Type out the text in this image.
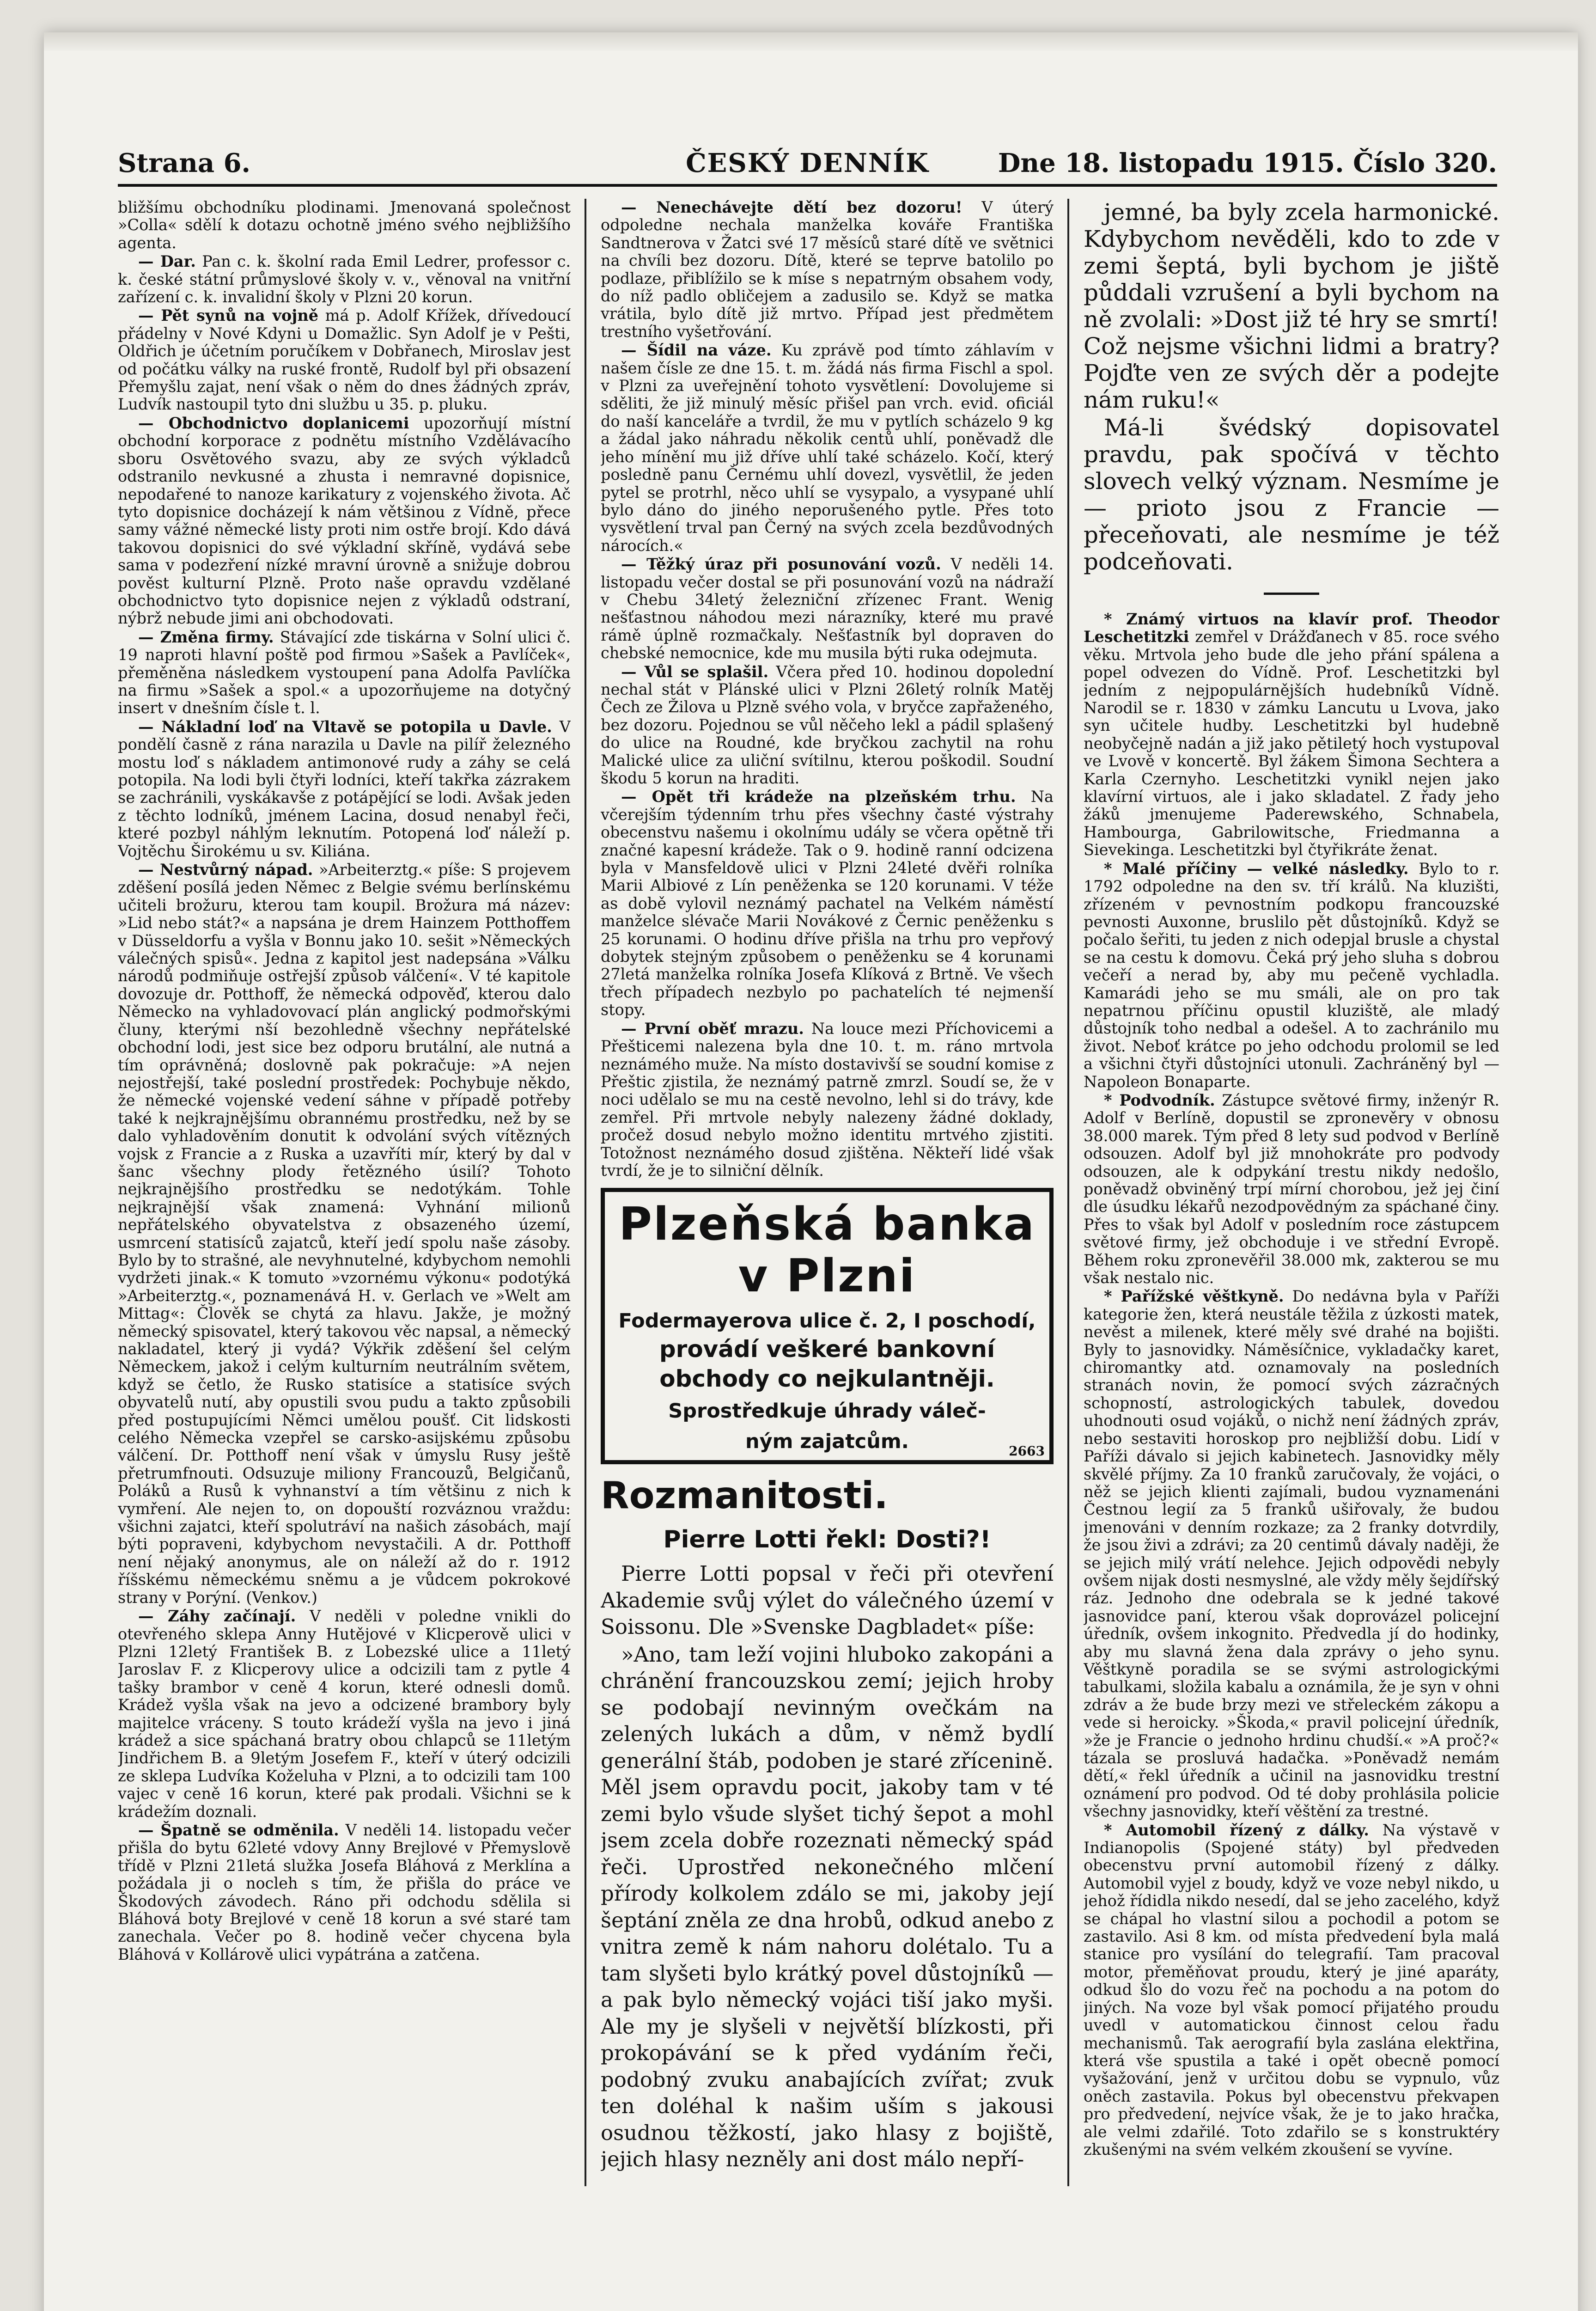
Strana 6.	ČESKÝ DENNÍK	Dne 18. listopadu 1915. Číslo 320.

bližšímu obchodníku plodinami. Jmenovaná společnost »Colla« sdělí k dotazu ochotně jméno svého nejbližšího agenta.

— Dar. Pan c. k. školní rada Emil Ledrer, professor c. k. české státní průmyslové školy v. v., věnoval na vnitřní zařízení c. k. invalidní školy v Plzni 20 korun.

— Pět synů na vojně má p. Adolf Křížek, dřívedoucí přádelny v Nové Kdyni u Domažlic. Syn Adolf je v Pešti, Oldřich je účetním poručíkem v Dobřanech, Miroslav jest od počátku války na ruské frontě, Rudolf byl při obsazení Přemyšlu zajat, není však o něm do dnes žádných zpráv, Ludvík nastoupil tyto dni službu u 35. p. pluku.

— Obchodnictvo doplanicemi upozorňují místní obchodní korporace z podnětu místního Vzdělávacího sboru Osvětového svazu, aby ze svých výkladců odstranilo nevkusné a zhusta i nemravné dopisnice, nepodařené to nanoze karikatury z vojenského života. Ač tyto dopisnice docházejí k nám většinou z Vídně, přece samy vážné německé listy proti nim ostře brojí. Kdo dává takovou dopisnici do své výkladní skříně, vydává sebe sama v podezření nízké mravní úrovně a snižuje dobrou pověst kulturní Plzně. Proto naše opravdu vzdělané obchodnictvo tyto dopisnice nejen z výkladů odstraní, nýbrž nebude jimi ani obchodovati.

— Změna firmy. Stávající zde tiskárna v Solní ulici č. 19 naproti hlavní poště pod firmou »Sašek a Pavlíček«, přeměněna následkem vystoupení pana Adolfa Pavlíčka na firmu »Sašek a spol.« a upozorňujeme na dotyčný insert v dnešním čísle t. l.

— Nákladní loď na Vltavě se potopila u Davle. V pondělí časně z rána narazila u Davle na pilíř železného mostu loď s nákladem antimonové rudy a záhy se celá potopila. Na lodi byli čtyři lodníci, kteří takřka zázrakem se zachránili, vyskákavše z potápějící se lodi. Avšak jeden z těchto lodníků, jménem Lacina, dosud nenabyl řeči, které pozbyl náhlým leknutím. Potopená loď náleží p. Vojtěchu Širokému u sv. Kiliána.

— Nestvůrný nápad. »Arbeiterztg.« píše: S projevem zděšení posílá jeden Němec z Belgie svému berlínskému učiteli brožuru, kterou tam koupil. Brožura má název: »Lid nebo stát?« a napsána je drem Hainzem Potthoffem v Düsseldorfu a vyšla v Bonnu jako 10. sešit »Německých válečných spisů«. Jedna z kapitol jest nadepsána »Válku národů podmiňuje ostřejší způsob válčení«. V té kapitole dovozuje dr. Potthoff, že německá odpověď, kterou dalo Německo na vyhladovovací plán anglický podmořskými čluny, kterými nší bezohledně všechny nepřátelské obchodní lodi, jest sice bez odporu brutální, ale nutná a tím oprávněná; doslovně pak pokračuje: »A nejen nejostřejší, také poslední prostředek: Pochybuje někdo, že německé vojenské vedení sáhne v případě potřeby také k nejkrajnějšímu obrannému prostředku, než by se dalo vyhladověním donutit k odvolání svých vítězných vojsk z Francie a z Ruska a uzavříti mír, který by dal v šanc všechny plody řetězného úsilí? Tohoto nejkrajnějšího prostředku se nedotýkám. Tohle nejkrajnější však znamená: Vyhnání milionů nepřátelského obyvatelstva z obsazeného území, usmrcení statisíců zajatců, kteří jedí spolu naše zásoby. Bylo by to strašné, ale nevyhnutelné, kdybychom nemohli vydržeti jinak.« K tomuto »vzornému výkonu« podotýká »Arbeiterztg.«, poznamenává H. v. Gerlach ve »Welt am Mittag«: Člověk se chytá za hlavu. Jakže, je možný německý spisovatel, který takovou věc napsal, a německý nakladatel, který ji vydá? Výkřik zděšení šel celým Německem, jakož i celým kulturním neutrálním světem, když se četlo, že Rusko statisíce a statisíce svých obyvatelů nutí, aby opustili svou pudu a takto způsobili před postupujícími Němci umělou poušť. Cit lidskosti celého Německa vzepřel se carsko-asijskému způsobu válčení. Dr. Potthoff není však v úmyslu Rusy ještě přetrumfnouti. Odsuzuje miliony Francouzů, Belgičanů, Poláků a Rusů k vyhnanství a tím většinu z nich k vymření. Ale nejen to, on dopouští rozváznou vraždu: všichni zajatci, kteří spolutráví na našich zásobách, mají býti popraveni, kdybychom nevystačili. A dr. Potthoff není nějaký anonymus, ale on náleží až do r. 1912 říšskému německému sněmu a je vůdcem pokrokové strany v Porýní. (Venkov.)

— Záhy začínají. V neděli v poledne vnikli do otevřeného sklepa Anny Hutějové v Klicperově ulici v Plzni 12letý František B. z Lobezské ulice a 11letý Jaroslav F. z Klicperovy ulice a odcizili tam z pytle 4 tašky brambor v ceně 4 korun, které odnesli domů. Krádež vyšla však na jevo a odcizené brambory byly majitelce vráceny. S touto krádeží vyšla na jevo i jiná krádež a sice spáchaná bratry obou chlapců se 11letým Jindřichem B. a 9letým Josefem F., kteří v úterý odcizili ze sklepa Ludvíka Koželuha v Plzni, a to odcizili tam 100 vajec v ceně 16 korun, které pak prodali. Všichni se k krádežím doznali.

— Špatně se odměnila. V neděli 14. listopadu večer přišla do bytu 62leté vdovy Anny Brejlové v Přemyslově třídě v Plzni 21letá služka Josefa Bláhová z Merklína a požádala ji o nocleh s tím, že přišla do práce ve Škodových závodech. Ráno při odchodu sdělila si Bláhová boty Brejlové v ceně 18 korun a své staré tam zanechala. Večer po 8. hodině večer chycena byla Bláhová v Kollárově ulici vypátrána a zatčena.

— Nenechávejte dětí bez dozoru! V úterý odpoledne nechala manželka kováře Františka Sandtnerova v Žatci své 17 měsíců staré dítě ve světnici na chvíli bez dozoru. Dítě, které se teprve batolilo po podlaze, přiblížilo se k míse s nepatrným obsahem vody, do níž padlo obličejem a zadusilo se. Když se matka vrátila, bylo dítě již mrtvo. Případ jest předmětem trestního vyšetřování.

— Šídil na váze. Ku zprávě pod tímto záhlavím v našem čísle ze dne 15. t. m. žádá nás firma Fischl a spol. v Plzni za uveřejnění tohoto vysvětlení: Dovolujeme si sděliti, že již minulý měsíc přišel pan vrch. evid. oficiál do naší kanceláře a tvrdil, že mu v pytlích scházelo 9 kg a žádal jako náhradu několik centů uhlí, poněvadž dle jeho mínění mu již dříve uhlí také scházelo. Kočí, který posledně panu Černému uhlí dovezl, vysvětlil, že jeden pytel se protrhl, něco uhlí se vysypalo, a vysypané uhlí bylo dáno do jiného neporušeného pytle. Přes toto vysvětlení trval pan Černý na svých zcela bezdůvodných nárocích.«

— Těžký úraz při posunování vozů. V neděli 14. listopadu večer dostal se při posunování vozů na nádraží v Chebu 34letý železniční zřízenec Frant. Wenig nešťastnou náhodou mezi nárazníky, které mu pravé rámě úplně rozmačkaly. Nešťastník byl dopraven do chebské nemocnice, kde mu musila býti ruka odejmuta.

— Vůl se splašil. Včera před 10. hodinou dopolední nechal stát v Plánské ulici v Plzni 26letý rolník Matěj Čech ze Žilova u Plzně svého vola, v bryčce zapřaženého, bez dozoru. Pojednou se vůl něčeho lekl a pádil splašený do ulice na Roudné, kde bryčkou zachytil na rohu Malické ulice za uliční svítilnu, kterou poškodil. Soudní škodu 5 korun na hraditi.

— Opět tři krádeže na plzeňském trhu. Na včerejším týdenním trhu přes všechny časté výstrahy obecenstvu našemu i okolnímu udály se včera opětně tři značné kapesní krádeže. Tak o 9. hodině ranní odcizena byla v Mansfeldově ulici v Plzni 24leté dvěři rolníka Marii Albiové z Lín peněženka se 120 korunami. V téže as době vylovil neznámý pachatel na Velkém náměstí manželce slévače Marii Novákové z Černic peněženku s 25 korunami. O hodinu dříve přišla na trhu pro vepřový dobytek stejným způsobem o peněženku se 4 korunami 27letá manželka rolníka Josefa Klíková z Brtně. Ve všech třech případech nezbylo po pachatelích té nejmenší stopy.

— První oběť mrazu. Na louce mezi Příchovicemi a Přešticemi nalezena byla dne 10. t. m. ráno mrtvola neznámého muže. Na místo dostavivší se soudní komise z Přeštic zjistila, že neznámý patrně zmrzl. Soudí se, že v noci udělalo se mu na cestě nevolno, lehl si do trávy, kde zemřel. Při mrtvole nebyly nalezeny žádné doklady, pročež dosud nebylo možno identitu mrtvého zjistiti. Totožnost neznámého dosud zjištěna. Někteří lidé však tvrdí, že je to silniční dělník.

Plzeňská banka
v Plzni
Fodermayerova ulice č. 2, I poschodí,
provádí veškeré bankovní
obchody co nejkulantněji.
Sprostředkuje úhrady váleč-
ným zajatcům.	2663
Rozmanitosti.
Pierre Lotti řekl: Dosti?!

Pierre Lotti popsal v řeči při otevření Akademie svůj výlet do válečného území v Soissonu. Dle »Svenske Dagbladet« píše:

»Ano, tam leží vojini hluboko zakopáni a chránění francouzskou zemí; jejich hroby se podobají nevinným ovečkám na zelených lukách a dům, v němž bydlí generální štáb, podoben je staré zřícenině. Měl jsem opravdu pocit, jakoby tam v té zemi bylo všude slyšet tichý šepot a mohl jsem zcela dobře rozeznati německý spád řeči. Uprostřed nekonečného mlčení přírody kolkolem zdálo se mi, jakoby její šeptání zněla ze dna hrobů, odkud anebo z vnitra země k nám nahoru dolétalo. Tu a tam slyšeti bylo krátký povel důstojníků — a pak bylo německý vojáci tiší jako myši. Ale my je slyšeli v největší blízkosti, při prokopávání se k před vydáním řeči, podobný zvuku anabajících zvířat; zvuk ten doléhal k našim uším s jakousi osudnou těžkostí, jako hlasy z bojiště, jejich hlasy nezněly ani dost málo nepří-

jemné, ba byly zcela harmonické. Kdybychom nevěděli, kdo to zde v zemi šeptá, byli bychom je jiště půddali vzrušení a byli bychom na ně zvolali: »Dost již té hry se smrtí! Což nejsme všichni lidmi a bratry? Pojďte ven ze svých děr a podejte nám ruku!«

Má-li švédský dopisovatel pravdu, pak spočívá v těchto slovech velký význam. Nesmíme je — prioto jsou z Francie — přeceňovati, ale nesmíme je též podceňovati.

* Známý virtuos na klavír prof. Theodor Leschetitzki zemřel v Drážďanech v 85. roce svého věku. Mrtvola jeho bude dle jeho přání spálena a popel odvezen do Vídně. Prof. Leschetitzki byl jedním z nejpopulárnějších hudebníků Vídně. Narodil se r. 1830 v zámku Lancutu u Lvova, jako syn učitele hudby. Leschetitzki byl hudebně neobyčejně nadán a již jako pětiletý hoch vystupoval ve Lvově v koncertě. Byl žákem Šimona Sechtera a Karla Czernyho. Leschetitzki vynikl nejen jako klavírní virtuos, ale i jako skladatel. Z řady jeho žáků jmenujeme Paderewského, Schnabela, Hambourga, Gabrilowitsche, Friedmanna a Sievekinga. Leschetitzki byl čtyřikráte ženat.

* Malé příčiny — velké následky. Bylo to r. 1792 odpoledne na den sv. tří králů. Na kluzišti, zřízeném v pevnostním podkopu francouzské pevnosti Auxonne, bruslilo pět důstojníků. Když se počalo šeřiti, tu jeden z nich odepjal brusle a chystal se na cestu k domovu. Čeká prý jeho sluha s dobrou večeří a nerad by, aby mu pečeně vychladla. Kamarádi jeho se mu smáli, ale on pro tak nepatrnou příčinu opustil kluziště, ale mladý důstojník toho nedbal a odešel. A to zachránilo mu život. Neboť krátce po jeho odchodu prolomil se led a všichni čtyři důstojníci utonuli. Zachráněný byl — Napoleon Bonaparte.

* Podvodník. Zástupce světové firmy, inženýr R. Adolf v Berlíně, dopustil se zpronevěry v obnosu 38.000 marek. Tým před 8 lety sud podvod v Berlíně odsouzen. Adolf byl již mnohokráte pro podvody odsouzen, ale k odpykání trestu nikdy nedošlo, poněvadž obviněný trpí mírní chorobou, jež jej činí dle úsudku lékařů nezodpovědným za spáchané činy. Přes to však byl Adolf v posledním roce zástupcem světové firmy, jež obchoduje i ve střední Evropě. Během roku zpronevěřil 38.000 mk, zakterou se mu však nestalo nic.

* Pařížské věštkyně. Do nedávna byla v Paříži kategorie žen, která neustále těžila z úzkosti matek, nevěst a milenek, které měly své drahé na bojišti. Byly to jasnovidky. Náměsíčnice, vykladačky karet, chiromantky atd. oznamovaly na posledních stranách novin, že pomocí svých zázračných schopností, astrologických tabulek, dovedou uhodnouti osud vojáků, o nichž není žádných zpráv, nebo sestaviti horoskop pro nejbližší dobu. Lidí v Paříži dávalo si jejich kabinetech. Jasnovidky měly skvělé příjmy. Za 10 franků zaručovaly, že vojáci, o něž se jejich klienti zajímali, budou vyznamenáni Čestnou legií za 5 franků ušiřovaly, že budou jmenováni v denním rozkaze; za 2 franky dotvrdily, že jsou živi a zdrávi; za 20 centimů dávaly naději, že se jejich milý vrátí nelehce. Jejich odpovědi nebyly ovšem nijak dosti nesmyslné, ale vždy měly šejdířský ráz. Jednoho dne odebrala se k jedné takové jasnovidce paní, kterou však doprovázel policejní úředník, ovšem inkognito. Předvedla jí do hodinky, aby mu slavná žena dala zprávy o jeho synu. Věštkyně poradila se se svými astrologickými tabulkami, složila kabalu a oznámila, že je syn v ohni zdráv a že bude brzy mezi ve střeleckém zákopu a vede si heroicky. »Škoda,« pravil policejní úředník, »že je Francie o jednoho hrdinu chudší.« »A proč?« tázala se prosluvá hadačka. »Poněvadž nemám dětí,« řekl úředník a učinil na jasnovidku trestní oznámení pro podvod. Od té doby prohlásila policie všechny jasnovidky, kteří věštění za trestné.

* Automobil řízený z dálky. Na výstavě v Indianopolis (Spojené státy) byl předveden obecenstvu první automobil řízený z dálky. Automobil vyjel z boudy, když ve voze nebyl nikdo, u jehož řídidla nikdo nesedí, dal se jeho zacelého, když se chápal ho vlastní silou a pochodil a potom se zastavilo. Asi 8 km. od místa předvedení byla malá stanice pro vysílání do telegrafií. Tam pracoval motor, přeměňovat proudu, který je jiné aparáty, odkud šlo do vozu řeč na pochodu a na potom do jiných. Na voze byl však pomocí přijatého proudu uvedl v automatickou činnost celou řadu mechanismů. Tak aerografií byla zaslána elektřina, která vše spustila a také i opět obecně pomocí vyšažování, jenž v určitou dobu se vypnulo, vůz oněch zastavila. Pokus byl obecenstvu překvapen pro předvedení, nejvíce však, že je to jako hračka, ale velmi zdařilé. Toto zdařilo se s konstruktéry zkušenými na svém velkém zkoušení se vyvíne.
